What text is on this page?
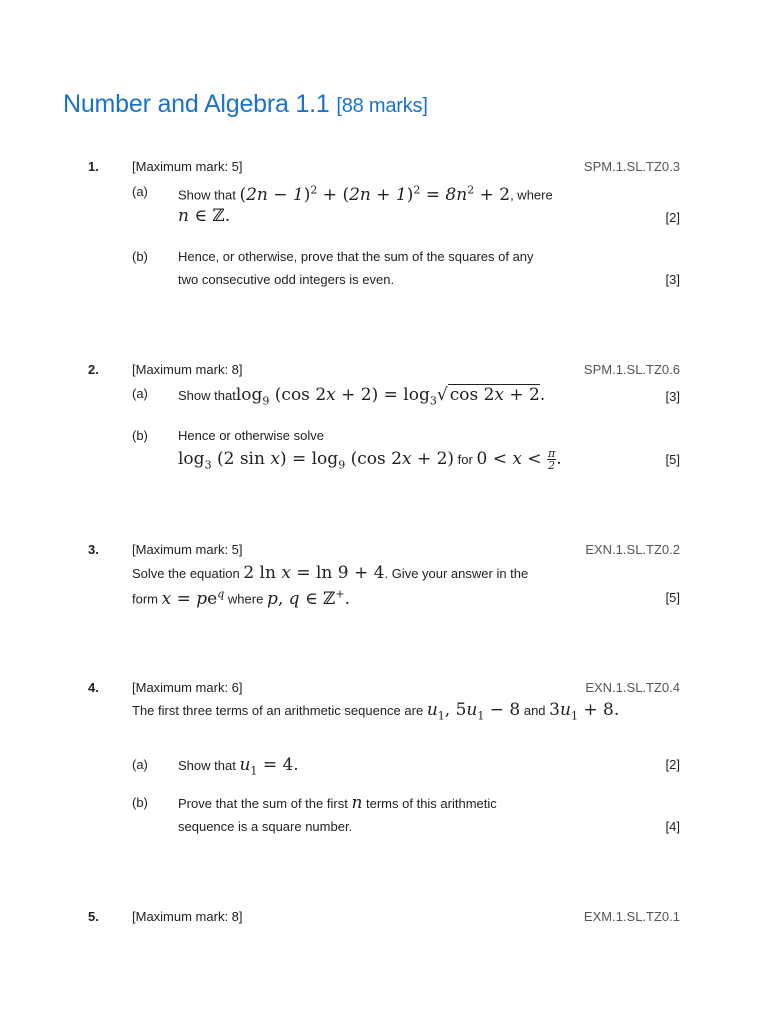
Number and Algebra 1.1 [88 marks]
1.	[Maximum mark: 5]	SPM.1.SL.TZ0.3
(a) Show that $(2n - 1)^2 + (2n + 1)^2 = 8n^2 + 2$, where
n ∈ ℤ.	[2]
(b) Hence, or otherwise, prove that the sum of the squares of any
two consecutive odd integers is even.	[3]
2.	[Maximum mark: 8]	SPM.1.SL.TZ0.6
(a) Show thatlog$_9$ (cos $2x + 2) = \log_3√$ cos 2x + 2.	[3]
(b) Hence or otherwise solve
$\log_3 (2$ $\sin x) = \log_9 (\cos$ 2x + 2) for $0 < x < \frac{\pi}{2}$ .	[5]
3.	[Maximum mark: 5]	EXN.1.SL.TZ0.2
Solve the equation 2 ln x = ln 9 + 4. Give your answer in the
form $x = pe^q$ where p, q ∈ ℤ+.	[5]
4.	[Maximum mark: 6]	EXN.1.SL.TZ0.4
The first three terms of an arithmetic sequence are $u_1$, $5u_1 - 8$ and $3u_1 + 8$.
(a) Show that $u_1 = 4$.	[2]
(b) Prove that the sum of the first n terms of this arithmetic
sequence is a square number.	[4]
5.	[Maximum mark: 8]	EXM.1.SL.TZ0.1
